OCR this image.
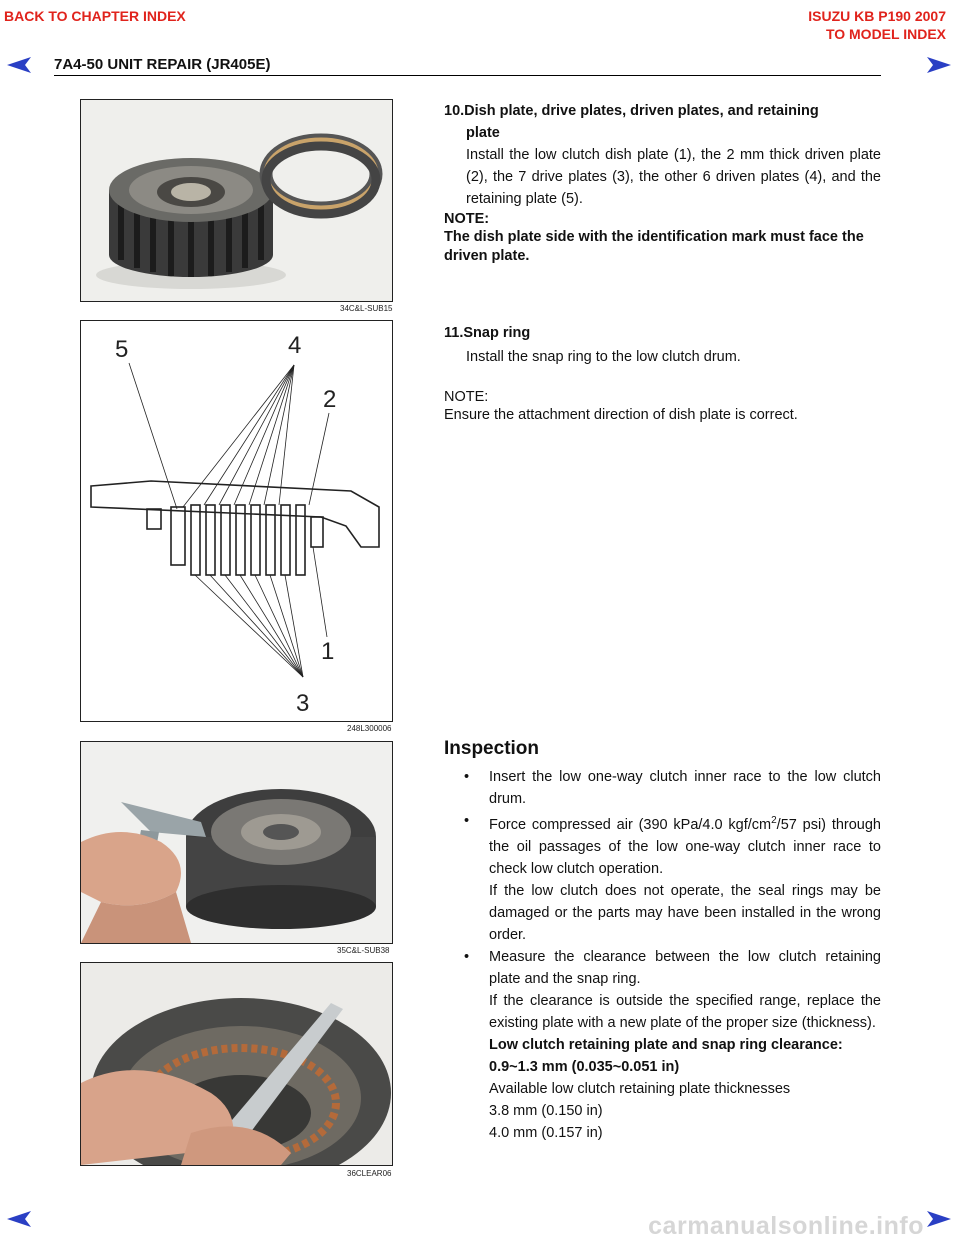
BACK TO CHAPTER INDEX	ISUZU KB P190 2007
TO MODEL INDEX
7A4-50 UNIT REPAIR (JR405E)
34C&L-SUB15
5	4
2
1
3
248L300006
35C&L-SUB38
36CLEAR06
10.Dish plate, drive plates, driven plates, and retaining
plate
Install the low clutch dish plate (1), the 2 mm thick driven plate (2), the 7 drive plates (3), the other 6 driven plates (4), and the retaining plate (5).
NOTE:
The dish plate side with the identification mark must face the driven plate.
11.Snap ring
Install the snap ring to the low clutch drum.
NOTE:
Ensure the attachment direction of dish plate is correct.
Inspection
• Insert the low one-way clutch inner race to the low clutch drum.
• Force compressed air (390 kPa/4.0 kgf/$cm^2/57$ psi) through the oil passages of the low one-way clutch inner race to check low clutch operation.
If the low clutch does not operate, the seal rings may be damaged or the parts may have been installed in the wrong order.
• Measure the clearance between the low clutch retaining plate and the snap ring.
If the clearance is outside the specified range, replace the existing plate with a new plate of the proper size (thickness).
Low clutch retaining plate and snap ring clearance:
0.9~1.3 mm (0.035~0.051 in)
Available low clutch retaining plate thicknesses
3.8 mm (0.150 in)
4.0 mm (0.157 in)
carmanualsonline.info
